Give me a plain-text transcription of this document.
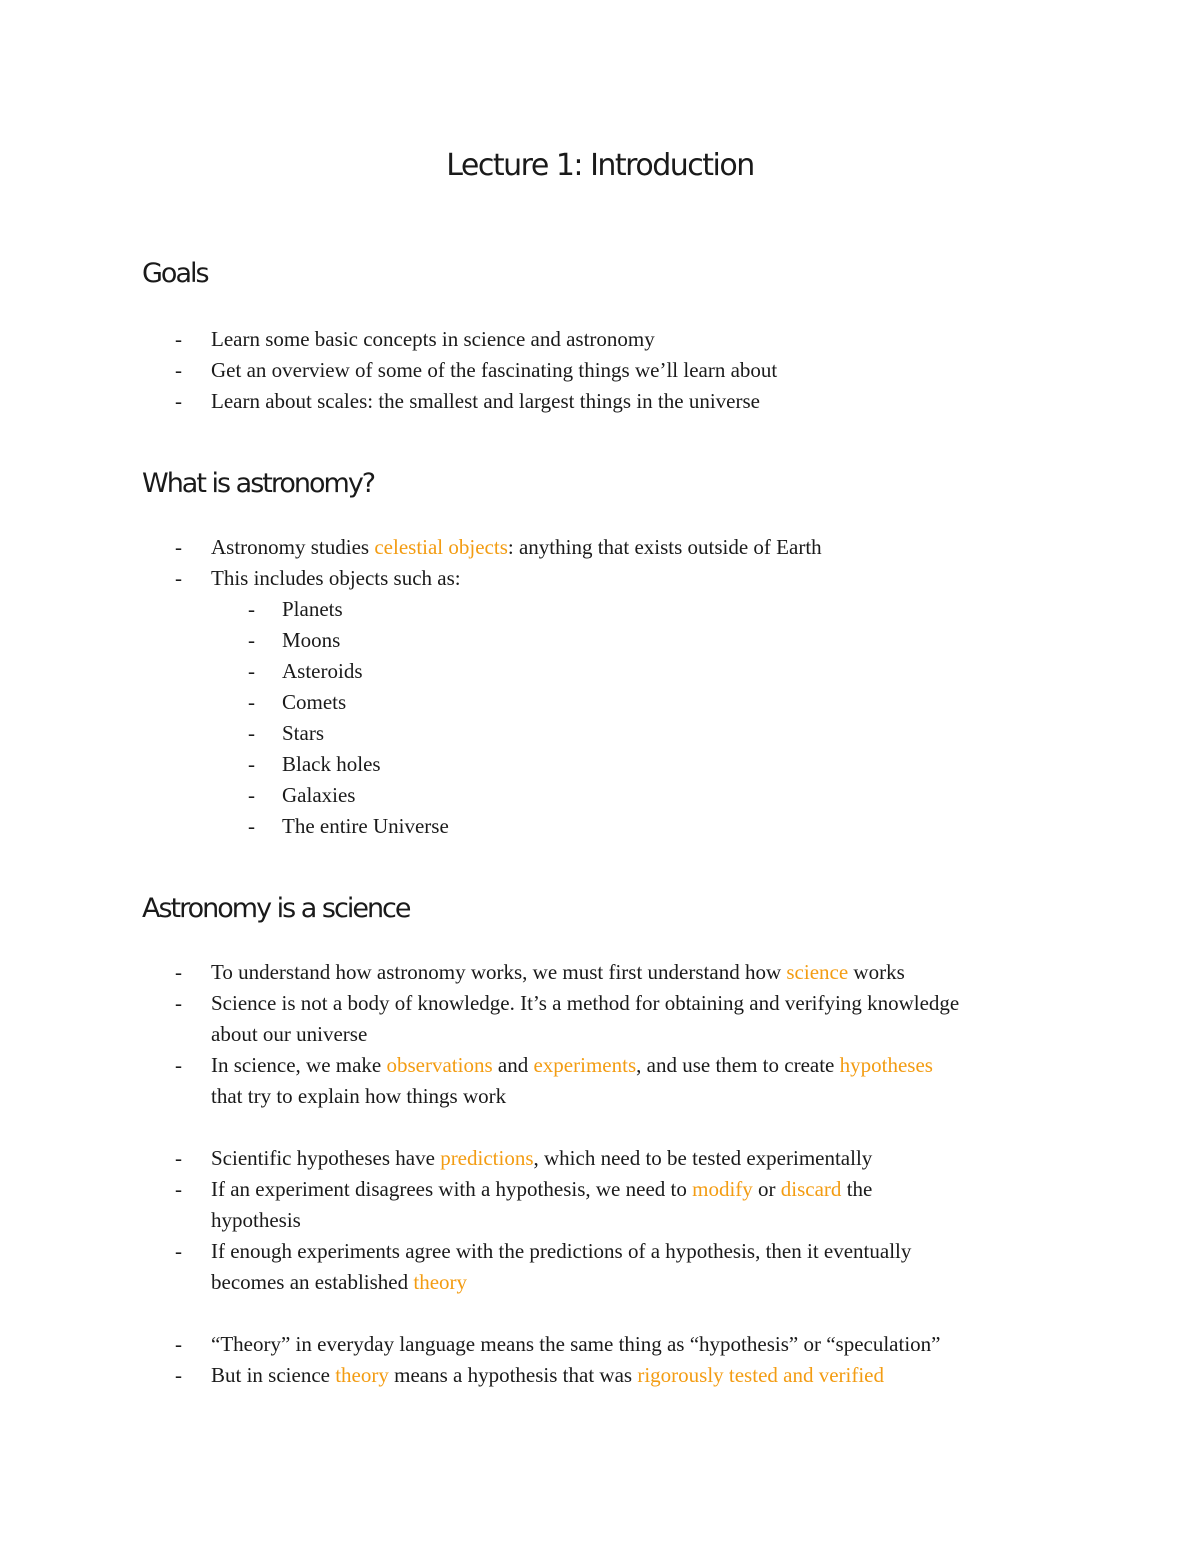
Lecture 1: Introduction
Goals
- Learn some basic concepts in science and astronomy
- Get an overview of some of the fascinating things we’ll learn about
- Learn about scales: the smallest and largest things in the universe
What is astronomy?
- Astronomy studies celestial objects: anything that exists outside of Earth
- This includes objects such as:
- Planets
- Moons
- Asteroids
- Comets
- Stars
- Black holes
- Galaxies
- The entire Universe
Astronomy is a science
- To understand how astronomy works, we must first understand how science works
- Science is not a body of knowledge. It’s a method for obtaining and verifying knowledge
about our universe
- In science, we make observations and experiments, and use them to create hypotheses
that try to explain how things work
- Scientific hypotheses have predictions, which need to be tested experimentally
- If an experiment disagrees with a hypothesis, we need to modify or discard the
hypothesis
- If enough experiments agree with the predictions of a hypothesis, then it eventually
becomes an established theory
- “Theory” in everyday language means the same thing as “hypothesis” or “speculation”
- But in science theory means a hypothesis that was rigorously tested and verified
